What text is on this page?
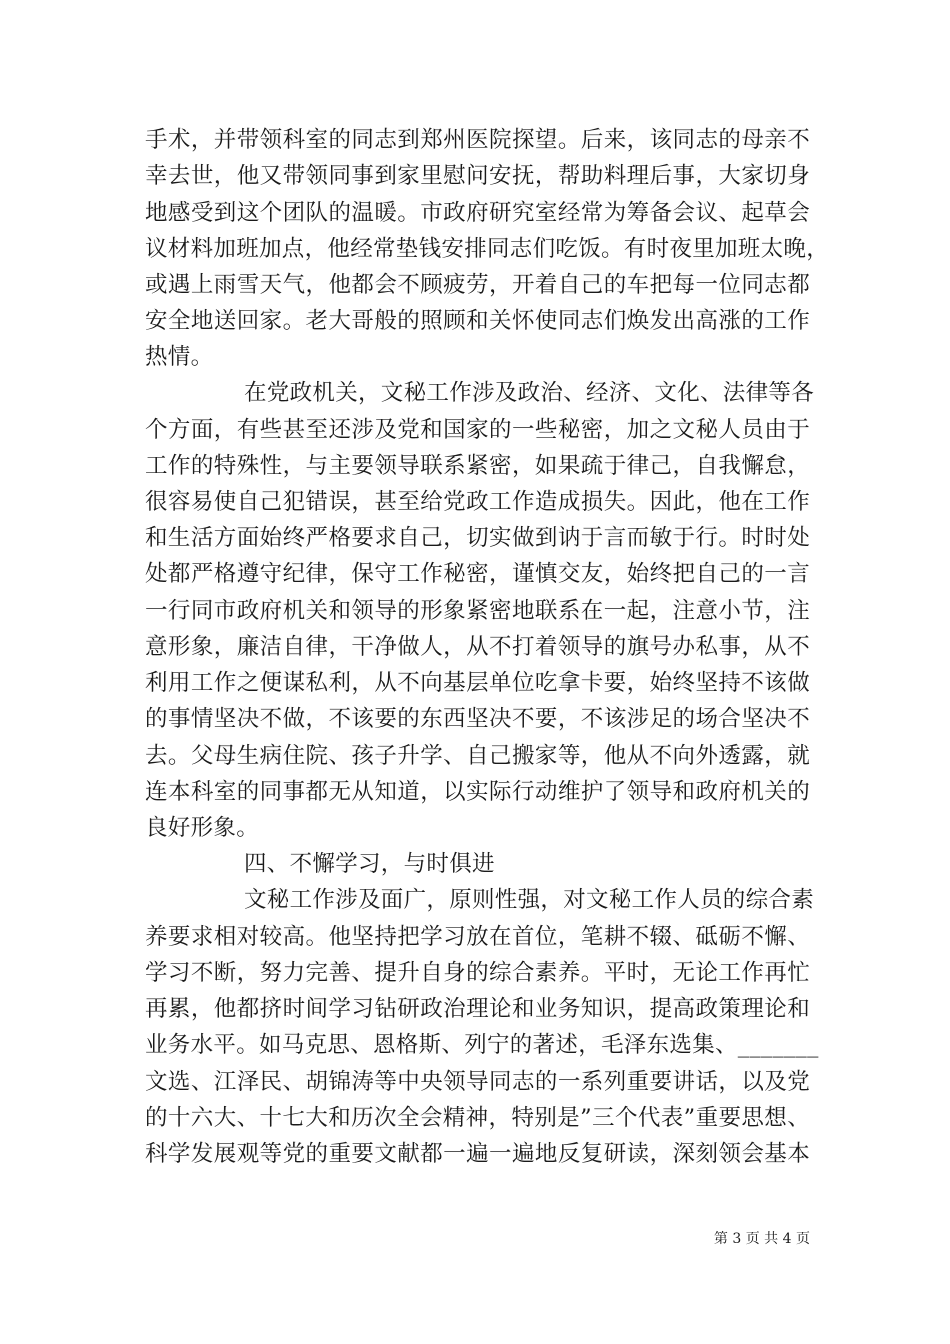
手术，并带领科室的同志到郑州医院探望。后来，该同志的母亲不
幸去世，他又带领同事到家里慰问安抚，帮助料理后事，大家切身
地感受到这个团队的温暖。市政府研究室经常为筹备会议、起草会
议材料加班加点，他经常垫钱安排同志们吃饭。有时夜里加班太晚，
或遇上雨雪天气，他都会不顾疲劳，开着自己的车把每一位同志都
安全地送回家。老大哥般的照顾和关怀使同志们焕发出高涨的工作
热情。
在党政机关，文秘工作涉及政治、经济、文化、法律等各
个方面，有些甚至还涉及党和国家的一些秘密，加之文秘人员由于
工作的特殊性，与主要领导联系紧密，如果疏于律己，自我懈怠，
很容易使自己犯错误，甚至给党政工作造成损失。因此，他在工作
和生活方面始终严格要求自己，切实做到讷于言而敏于行。时时处
处都严格遵守纪律，保守工作秘密，谨慎交友，始终把自己的一言
一行同市政府机关和领导的形象紧密地联系在一起，注意小节，注
意形象，廉洁自律，干净做人，从不打着领导的旗号办私事，从不
利用工作之便谋私利，从不向基层单位吃拿卡要，始终坚持不该做
的事情坚决不做，不该要的东西坚决不要，不该涉足的场合坚决不
去。父母生病住院、孩子升学、自己搬家等，他从不向外透露，就
连本科室的同事都无从知道，以实际行动维护了领导和政府机关的
良好形象。
四、不懈学习，与时俱进
文秘工作涉及面广，原则性强，对文秘工作人员的综合素
养要求相对较高。他坚持把学习放在首位，笔耕不辍、砥砺不懈、
学习不断，努力完善、提升自身的综合素养。平时，无论工作再忙
再累，他都挤时间学习钻研政治理论和业务知识，提高政策理论和
业务水平。如马克思、恩格斯、列宁的著述，毛泽东选集、_______
文选、江泽民、胡锦涛等中央领导同志的一系列重要讲话，以及党
的十六大、十七大和历次全会精神，特别是”三个代表”重要思想、
科学发展观等党的重要文献都一遍一遍地反复研读，深刻领会基本
第 3 页 共 4 页
